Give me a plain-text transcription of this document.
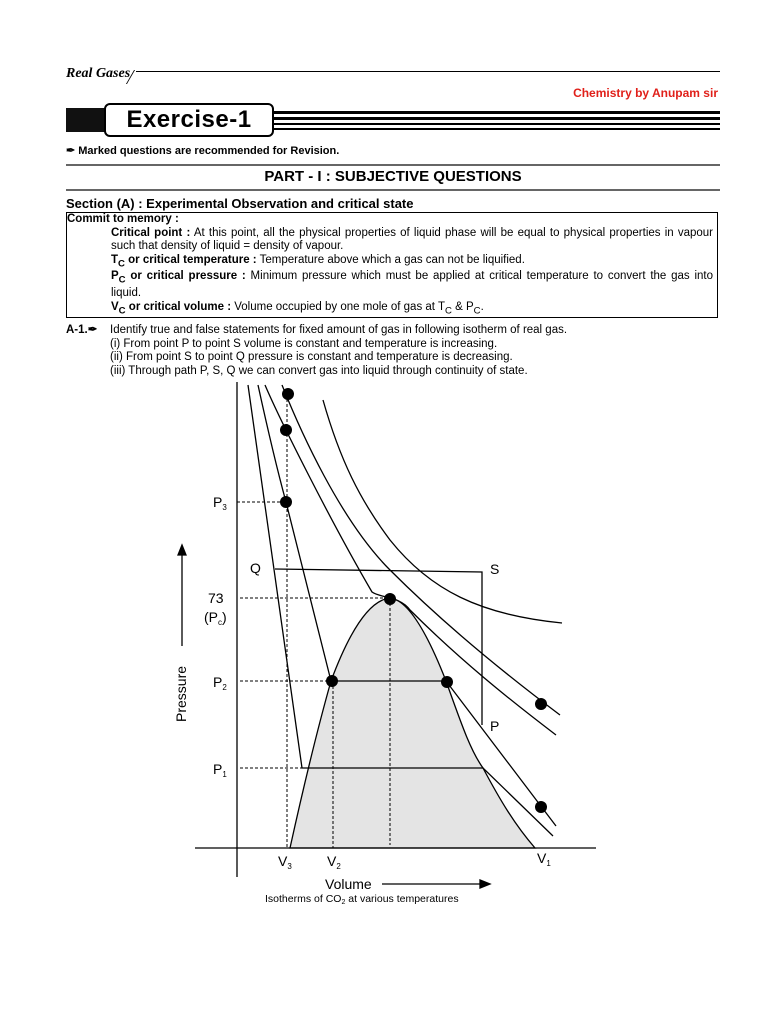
Real Gases
Chemistry by Anupam sir
Exercise-1
✒ Marked questions are recommended for Revision.
PART - I : SUBJECTIVE QUESTIONS
Section (A) : Experimental Observation and critical state

Commit to memory :

Critical point : At this point, all the physical properties of liquid phase will be equal to physical properties in vapour such that density of liquid = density of vapour.

$T_C$ or critical temperature : Temperature above which a gas can not be liquified.

$P_C$ or critical pressure : Minimum pressure which must be applied at critical temperature to convert the gas into liquid.

$V_C$ or critical volume : Volume occupied by one mole of gas at $T_C$ & $P_C$.

A-1.✒ Identify true and false statements for fixed amount of gas in following isotherm of real gas.
(i) From point P to point S volume is constant and temperature is increasing.
(ii) From point S to point Q pressure is constant and temperature is decreasing.
(iii) Through path P, S, Q we can convert gas into liquid through continuity of state.
$P_3$
Q	S
73
$(P_c)$
$P_2$
P
$P_1$
$V_3$	$V_2$
$V_1$
Volume
Pressure
Isotherms of CO2 at various temperatures
